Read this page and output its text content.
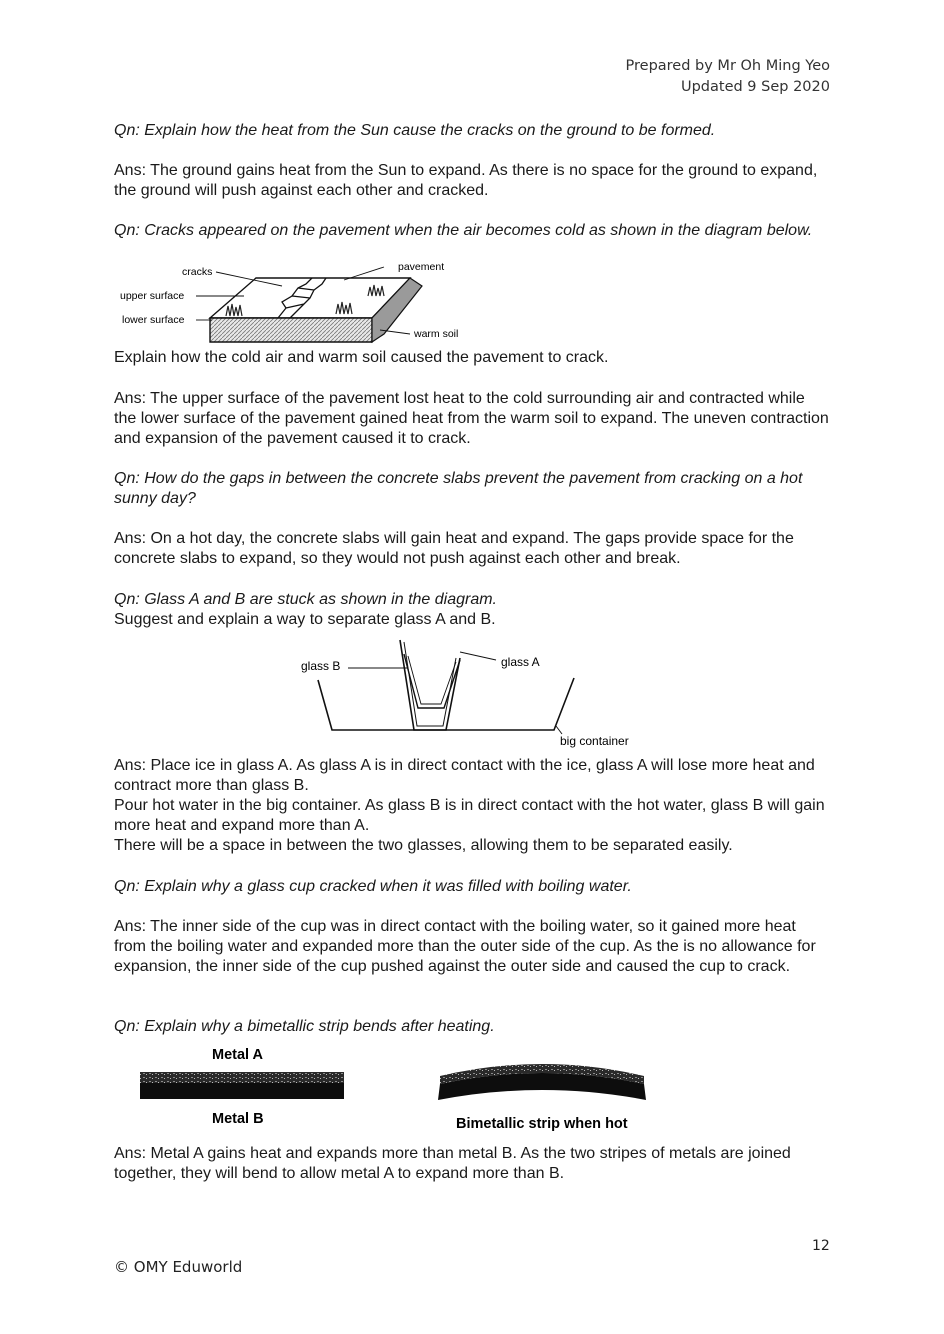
Prepared by Mr Oh Ming Yeo
Updated 9 Sep 2020
Qn: Explain how the heat from the Sun cause the cracks on the ground to be formed.
Ans: The ground gains heat from the Sun to expand. As there is no space for the ground to expand, the ground will push against each other and cracked.
Qn: Cracks appeared on the pavement when the air becomes cold as shown in the diagram below.
cracks	pavement
upper surface
lower surface
warm soil
Explain how the cold air and warm soil caused the pavement to crack.
Ans: The upper surface of the pavement lost heat to the cold surrounding air and contracted while the lower surface of the pavement gained heat from the warm soil to expand. The uneven contraction and expansion of the pavement caused it to crack.
Qn: How do the gaps in between the concrete slabs prevent the pavement from cracking on a hot sunny day?
Ans: On a hot day, the concrete slabs will gain heat and expand. The gaps provide space for the concrete slabs to expand, so they would not push against each other and break.
Qn: Glass A and B are stuck as shown in the diagram.
Suggest and explain a way to separate glass A and B.
glass B	glass A
big container
Ans: Place ice in glass A. As glass A is in direct contact with the ice, glass A will lose more heat and contract more than glass B.
Pour hot water in the big container. As glass B is in direct contact with the hot water, glass B will gain more heat and expand more than A.
There will be a space in between the two glasses, allowing them to be separated easily.
Qn: Explain why a glass cup cracked when it was filled with boiling water.
Ans: The inner side of the cup was in direct contact with the boiling water, so it gained more heat from the boiling water and expanded more than the outer side of the cup. As the is no allowance for expansion, the inner side of the cup pushed against the outer side and caused the cup to crack.
Qn: Explain why a bimetallic strip bends after heating.
Metal A
Metal B	Bimetallic strip when hot
Ans: Metal A gains heat and expands more than metal B. As the two stripes of metals are joined together, they will bend to allow metal A to expand more than B.
12
© OMY Eduworld
